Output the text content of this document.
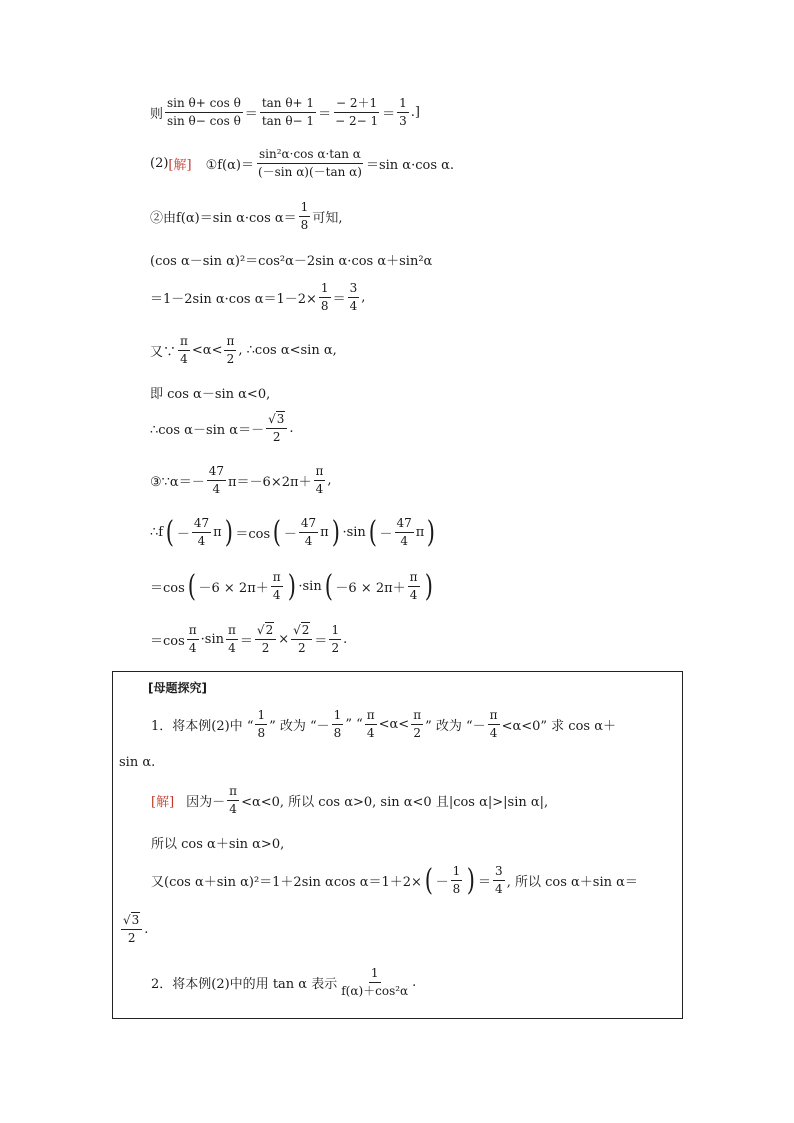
则
sin θ+ cos θ
sin θ− cos θ ＝
tan θ+ 1
tan θ− 1 ＝
− 2＋1
− 2− 1 ＝
1
3
.]
(2) [解] ①f(α)＝
sin²α·cos α·tan α
(－sin α)(－tan α) ＝sin α·cos α.
②由f(α)＝sin α·cos α＝
1
8 可知,
(cos α－sin α)²＝cos²α－2sin α·cos α＋sin²α
＝1－2sin α·cos $\alpha=1-2\times \frac{1}{8}$ ＝
3
4
,
又∵
π
4
<α<
π
2
, ∴cos α<sin α,
即 cos α－sin α<0,
∴cos α－sin α＝－
√ 3
2
.
③∵α＝－
47
4 π＝－6×2π＋
π
4
,
∴f ( －
47
4
π ) ＝cos ( －
47
4
π ) ·sin ( －
47
4
π )
＝cos ( －6 × 2π＋
π
4 ) ·sin ( －6 × 2π＋
π
4 )
＝cos
π
4
·sin
π
$4 = \frac{√ 2}{2} \times \frac{√ 2}{2}$ ＝
1
2
.
[母题探究]
1．将本例(2)中 “
1
8 ” 改为 “－
1
8
” “
π
4
<α<
π
2 ” 改为 “－
π
4 <α<0” 求 cos α＋
sin α.
[解] 因为－
π
4 <α<0, 所以 cos α>0, sin α<0 且|cos α|>|sin α|,
所以 cos α＋sin α>0,
又(cos α＋sin α)²＝1＋2sin αcos α＝1＋2× ( －
1
8 ) ＝
3
4 , 所以 cos α＋sin α＝
√ 3
2
.
2．将本例(2)中的用 tan α 表示
1
f(α)＋cos²α
.
